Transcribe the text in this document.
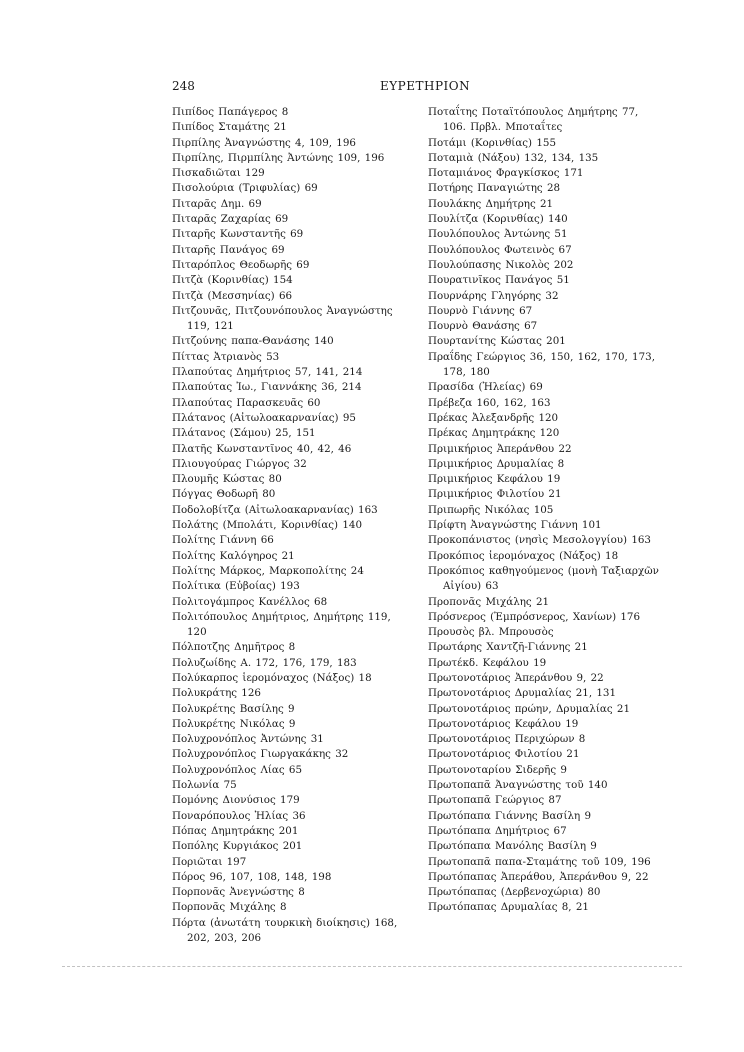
248	ΕΥΡΕΤΗΡΙΟΝ
Πιπίδος Παπάγερος 8
Πιπίδος Σταμάτης 21
Πιρπίλης Ἀναγνώστης 4, 109, 196
Πιρπίλης, Πιρμπίλης Ἀντώνης 109, 196
Πισκαδιῶται 129
Πισολούρια (Τριφυλίας) 69
Πιταρᾶς Δημ. 69
Πιταρᾶς Ζαχαρίας 69
Πιταρῆς Κωνσταντῆς 69
Πιταρῆς Πανάγος 69
Πιταρόπλος Θεοδωρῆς 69
Πιτζὰ (Κορινθίας) 154
Πιτζὰ (Μεσσηνίας) 66
Πιτζουνᾶς, Πιτζουνόπουλος Ἀναγνώστης 119, 121
Πιτζούνης παπα-Θανάσης 140
Πίττας Ἀτριανὸς 53
Πλαπούτας Δημήτριος 57, 141, 214
Πλαπούτας Ἰω., Γιαννάκης 36, 214
Πλαπούτας Παρασκευᾶς 60
Πλάτανος (Αἰτωλοακαρνανίας) 95
Πλάτανος (Σάμου) 25, 151
Πλατῆς Κωνσταντῖνος 40, 42, 46
Πλιουγούρας Γιώργος 32
Πλουμῆς Κώστας 80
Πόγγας Θοδωρῆ 80
Ποδολοβίτζα (Αἰτωλοακαρνανίας) 163
Πολάτης (Μπολάτι, Κορινθίας) 140
Πολίτης Γιάννη 66
Πολίτης Καλόγηρος 21
Πολίτης Μάρκος, Μαρκοπολίτης 24
Πολίτικα (Εὐβοίας) 193
Πολιτογάμπρος Κανέλλος 68
Πολιτόπουλος Δημήτριος, Δημήτρης 119, 120
Πόλποτζης Δημῆτρος 8
Πολυζωίδης Α. 172, 176, 179, 183
Πολύκαρπος ἱερομόναχος (Νάξος) 18
Πολυκράτης 126
Πολυκρέτης Βασίλης 9
Πολυκρέτης Νικόλας 9
Πολυχρονόπλος Ἀντώνης 31
Πολυχρονόπλος Γιωργακάκης 32
Πολυχρονόπλος Λίας 65
Πολωνία 75
Πομόνης Διονύσιος 179
Ποναρόπουλος Ἠλίας 36
Πόπας Δημητράκης 201
Ποπόλης Κυργιάκος 201
Ποριῶται 197
Πόρος 96, 107, 108, 148, 198
Πορπονᾶς Ἀνεγνώστης 8
Πορπονᾶς Μιχάλης 8
Πόρτα (ἀνωτάτη τουρκικὴ διοίκησις) 168, 202, 203, 206
Ποταΐτης Ποταϊτόπουλος Δημήτρης 77, 106. Πρβλ. Μποταΐτες
Ποτάμι (Κορινθίας) 155
Ποταμιὰ (Νάξου) 132, 134, 135
Ποταμιάνος Φραγκίσκος 171
Ποτήρης Παναγιώτης 28
Πουλάκης Δημήτρης 21
Πουλίτζα (Κορινθίας) 140
Πουλόπουλος Ἀντώνης 51
Πουλόπουλος Φωτεινὸς 67
Πουλούπασης Νικολὸς 202
Πουρατινῖκος Πανάγος 51
Πουρνάρης Γληγόρης 32
Πουρνὸ Γιάννης 67
Πουρνὸ Θανάσης 67
Πουρτανίτης Κώστας 201
Πραΐδης Γεώργιος 36, 150, 162, 170, 173, 178, 180
Πρασίδα (Ἠλείας) 69
Πρέβεζα 160, 162, 163
Πρέκας Ἀλεξανδρῆς 120
Πρέκας Δημητράκης 120
Πριμικήριος Ἀπεράνθου 22
Πριμικήριος Δρυμαλίας 8
Πριμικήριος Κεφάλου 19
Πριμικήριος Φιλοτίου 21
Πριπωρῆς Νικόλας 105
Πρίφτη Ἀναγνώστης Γιάννη 101
Προκοπάνιστος (νησὶς Μεσολογγίου) 163
Προκόπιος ἱερομόναχος (Νάξος) 18
Προκόπιος καθηγούμενος (μονὴ Ταξιαρχῶν Αἰγίου) 63
Προπονᾶς Μιχάλης 21
Πρόσνερος (Ἐμπρόσνερος, Χανίων) 176
Προυσὸς βλ. Μπρουσὸς
Πρωτάρης Χαντζῆ-Γιάννης 21
Πρωτέκδ. Κεφάλου 19
Πρωτονοτάριος Ἀπεράνθου 9, 22
Πρωτονοτάριος Δρυμαλίας 21, 131
Πρωτονοτάριος πρώην, Δρυμαλίας 21
Πρωτονοτάριος Κεφάλου 19
Πρωτονοτάριος Περιχώρων 8
Πρωτονοτάριος Φιλοτίου 21
Πρωτονοταρίου Σιδερῆς 9
Πρωτοπαπᾶ Ἀναγνώστης τοῦ 140
Πρωτοπαπᾶ Γεώργιος 87
Πρωτόπαπα Γιάννης Βασίλη 9
Πρωτόπαπα Δημήτριος 67
Πρωτόπαπα Μανόλης Βασίλη 9
Πρωτοπαπᾶ παπα-Σταμάτης τοῦ 109, 196
Πρωτόπαπας Ἀπεράθου, Ἀπεράνθου 9, 22
Πρωτόπαπας (Δερβενοχώρια) 80
Πρωτόπαπας Δρυμαλίας 8, 21
